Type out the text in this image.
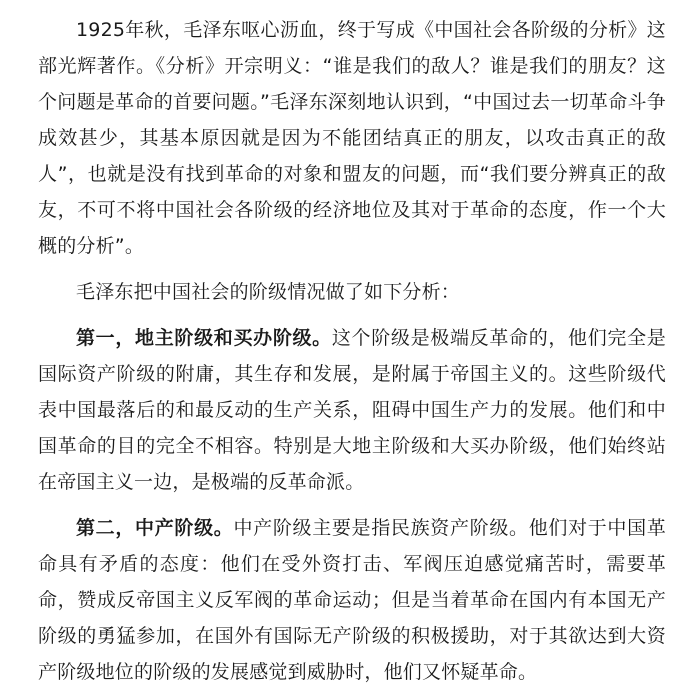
1925年秋，毛泽东呕心沥血，终于写成《中国社会各阶级的分析》这部光辉著作。《分析》开宗明义：“谁是我们的敌人？谁是我们的朋友？这个问题是革命的首要问题。”毛泽东深刻地认识到，“中国过去一切革命斗争成效甚少，其基本原因就是因为不能团结真正的朋友，以攻击真正的敌人”，也就是没有找到革命的对象和盟友的问题，而“我们要分辨真正的敌友，不可不将中国社会各阶级的经济地位及其对于革命的态度，作一个大概的分析”。

毛泽东把中国社会的阶级情况做了如下分析：

第一，地主阶级和买办阶级。这个阶级是极端反革命的，他们完全是国际资产阶级的附庸，其生存和发展，是附属于帝国主义的。这些阶级代表中国最落后的和最反动的生产关系，阻碍中国生产力的发展。他们和中国革命的目的完全不相容。特别是大地主阶级和大买办阶级，他们始终站在帝国主义一边，是极端的反革命派。

第二，中产阶级。中产阶级主要是指民族资产阶级。他们对于中国革命具有矛盾的态度：他们在受外资打击、军阀压迫感觉痛苦时，需要革命，赞成反帝国主义反军阀的革命运动；但是当着革命在国内有本国无产阶级的勇猛参加，在国外有国际无产阶级的积极援助，对于其欲达到大资产阶级地位的阶级的发展感觉到威胁时，他们又怀疑革命。
